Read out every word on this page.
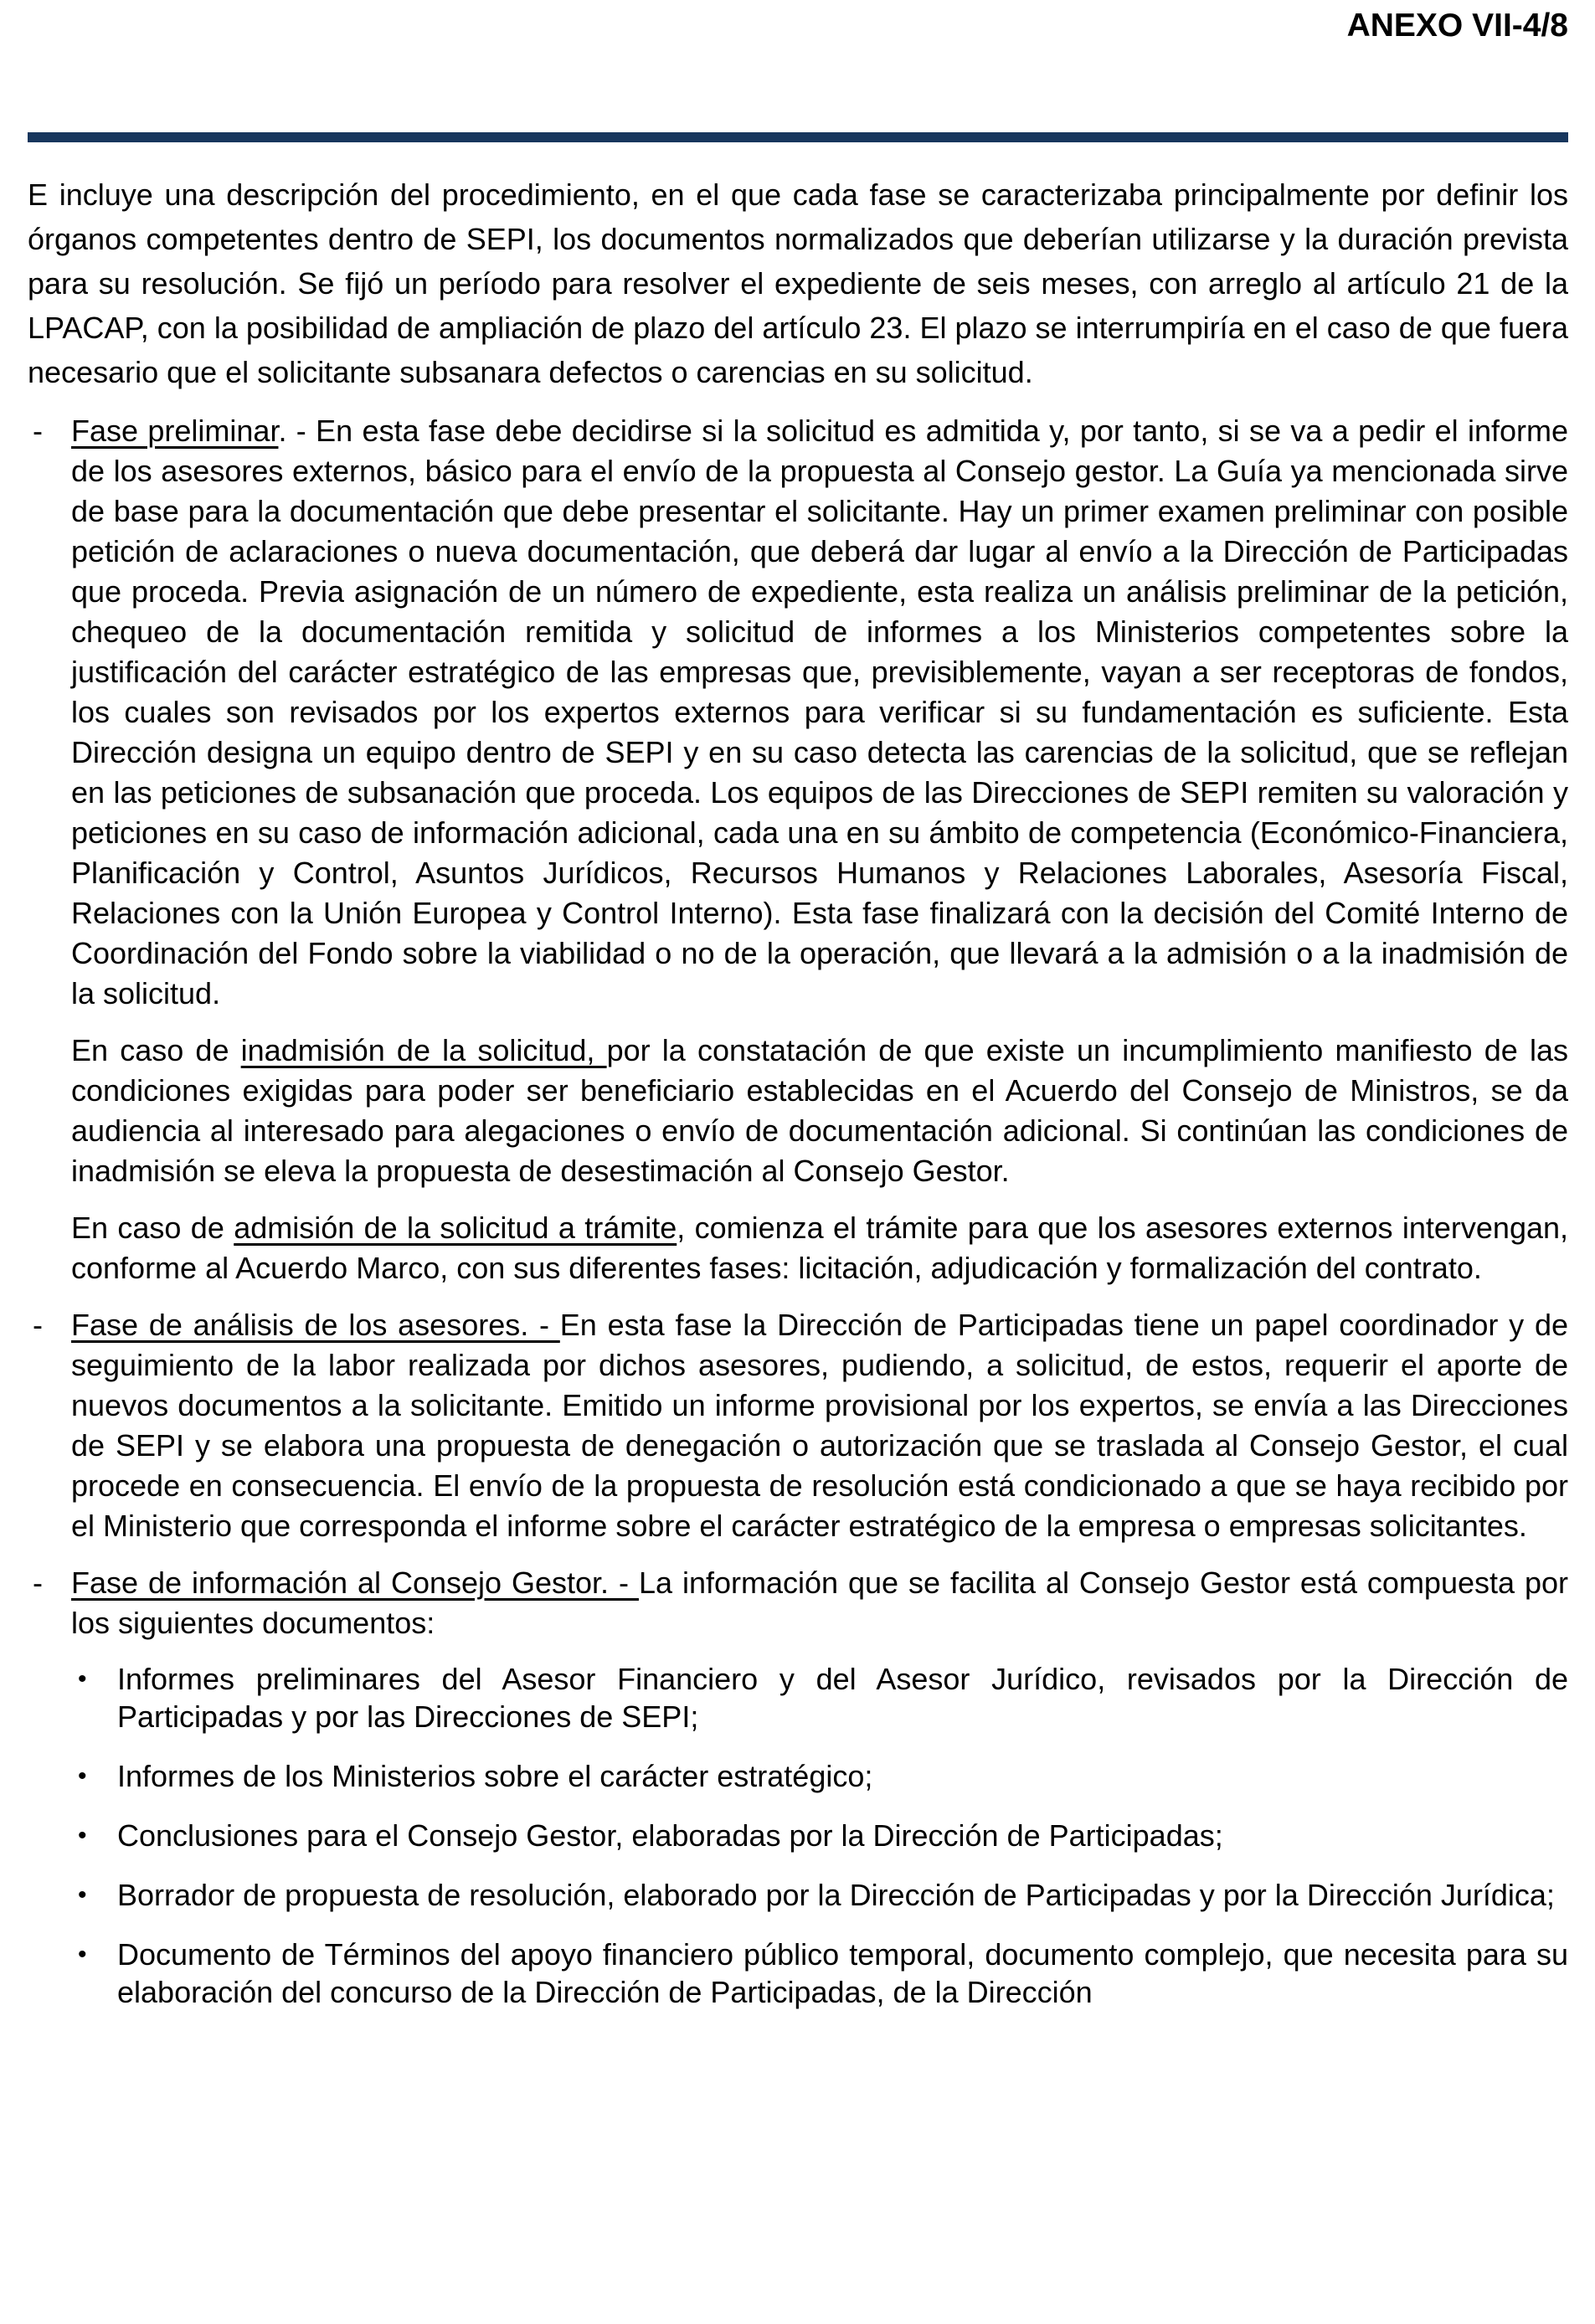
ANEXO VII-4/8

E incluye una descripción del procedimiento, en el que cada fase se caracterizaba principalmente por definir los órganos competentes dentro de SEPI, los documentos normalizados que deberían utilizarse y la duración prevista para su resolución. Se fijó un período para resolver el expediente de seis meses, con arreglo al artículo 21 de la LPACAP, con la posibilidad de ampliación de plazo del artículo 23. El plazo se interrumpiría en el caso de que fuera necesario que el solicitante subsanara defectos o carencias en su solicitud.

- Fase preliminar. - En esta fase debe decidirse si la solicitud es admitida y, por tanto, si se va a pedir el informe de los asesores externos, básico para el envío de la propuesta al Consejo gestor. La Guía ya mencionada sirve de base para la documentación que debe presentar el solicitante. Hay un primer examen preliminar con posible petición de aclaraciones o nueva documentación, que deberá dar lugar al envío a la Dirección de Participadas que proceda. Previa asignación de un número de expediente, esta realiza un análisis preliminar de la petición, chequeo de la documentación remitida y solicitud de informes a los Ministerios competentes sobre la justificación del carácter estratégico de las empresas que, previsiblemente, vayan a ser receptoras de fondos, los cuales son revisados por los expertos externos para verificar si su fundamentación es suficiente. Esta Dirección designa un equipo dentro de SEPI y en su caso detecta las carencias de la solicitud, que se reflejan en las peticiones de subsanación que proceda. Los equipos de las Direcciones de SEPI remiten su valoración y peticiones en su caso de información adicional, cada una en su ámbito de competencia (Económico-Financiera, Planificación y Control, Asuntos Jurídicos, Recursos Humanos y Relaciones Laborales, Asesoría Fiscal, Relaciones con la Unión Europea y Control Interno). Esta fase finalizará con la decisión del Comité Interno de Coordinación del Fondo sobre la viabilidad o no de la operación, que llevará a la admisión o a la inadmisión de la solicitud.

En caso de inadmisión de la solicitud, por la constatación de que existe un incumplimiento manifiesto de las condiciones exigidas para poder ser beneficiario establecidas en el Acuerdo del Consejo de Ministros, se da audiencia al interesado para alegaciones o envío de documentación adicional. Si continúan las condiciones de inadmisión se eleva la propuesta de desestimación al Consejo Gestor.

En caso de admisión de la solicitud a trámite, comienza el trámite para que los asesores externos intervengan, conforme al Acuerdo Marco, con sus diferentes fases: licitación, adjudicación y formalización del contrato.

- Fase de análisis de los asesores. - En esta fase la Dirección de Participadas tiene un papel coordinador y de seguimiento de la labor realizada por dichos asesores, pudiendo, a solicitud, de estos, requerir el aporte de nuevos documentos a la solicitante. Emitido un informe provisional por los expertos, se envía a las Direcciones de SEPI y se elabora una propuesta de denegación o autorización que se traslada al Consejo Gestor, el cual procede en consecuencia. El envío de la propuesta de resolución está condicionado a que se haya recibido por el Ministerio que corresponda el informe sobre el carácter estratégico de la empresa o empresas solicitantes.

- Fase de información al Consejo Gestor. - La información que se facilita al Consejo Gestor está compuesta por los siguientes documentos:

•	Informes preliminares del Asesor Financiero y del Asesor Jurídico, revisados por la Dirección de Participadas y por las Direcciones de SEPI;

•	Informes de los Ministerios sobre el carácter estratégico;

•	Conclusiones para el Consejo Gestor, elaboradas por la Dirección de Participadas;

•	Borrador de propuesta de resolución, elaborado por la Dirección de Participadas y por la Dirección Jurídica;

•	Documento de Términos del apoyo financiero público temporal, documento complejo, que necesita para su elaboración del concurso de la Dirección de Participadas, de la Dirección
